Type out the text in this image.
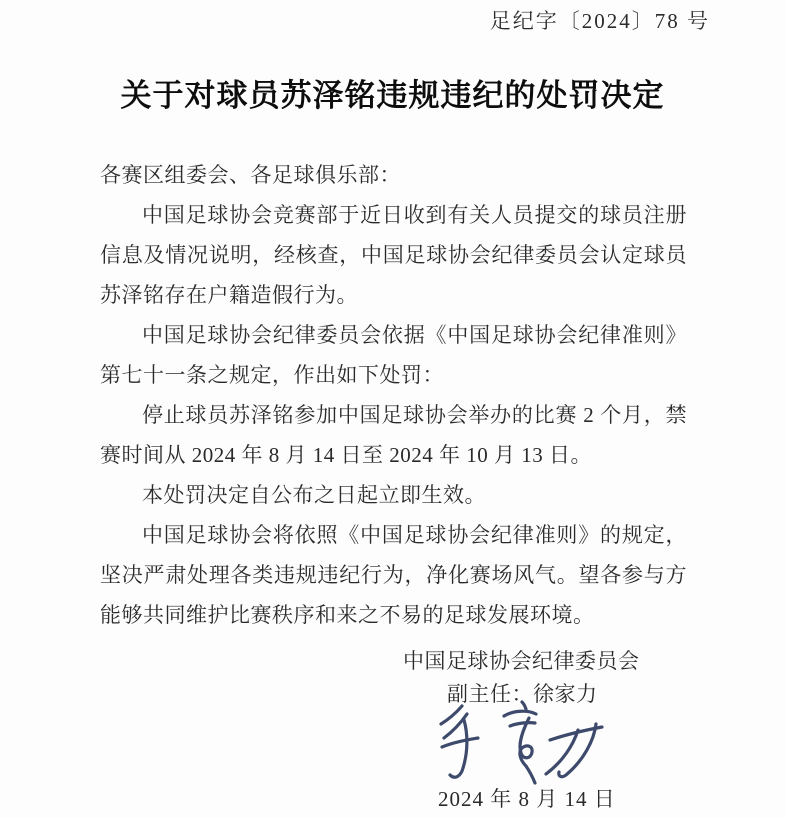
足纪字〔2024〕78 号
关于对球员苏泽铭违规违纪的处罚决定

各赛区组委会、各足球俱乐部：

中国足球协会竞赛部于近日收到有关人员提交的球员注册信息及情况说明，经核查，中国足球协会纪律委员会认定球员苏泽铭存在户籍造假行为。

中国足球协会纪律委员会依据《中国足球协会纪律准则》第七十一条之规定，作出如下处罚：

停止球员苏泽铭参加中国足球协会举办的比赛 2 个月，禁赛时间从 2024 年 8 月 14 日至 2024 年 10 月 13 日。

本处罚决定自公布之日起立即生效。

中国足球协会将依照《中国足球协会纪律准则》的规定，坚决严肃处理各类违规违纪行为，净化赛场风气。望各参与方能够共同维护比赛秩序和来之不易的足球发展环境。

中国足球协会纪律委员会
副主任：徐家力
2024 年 8 月 14 日
